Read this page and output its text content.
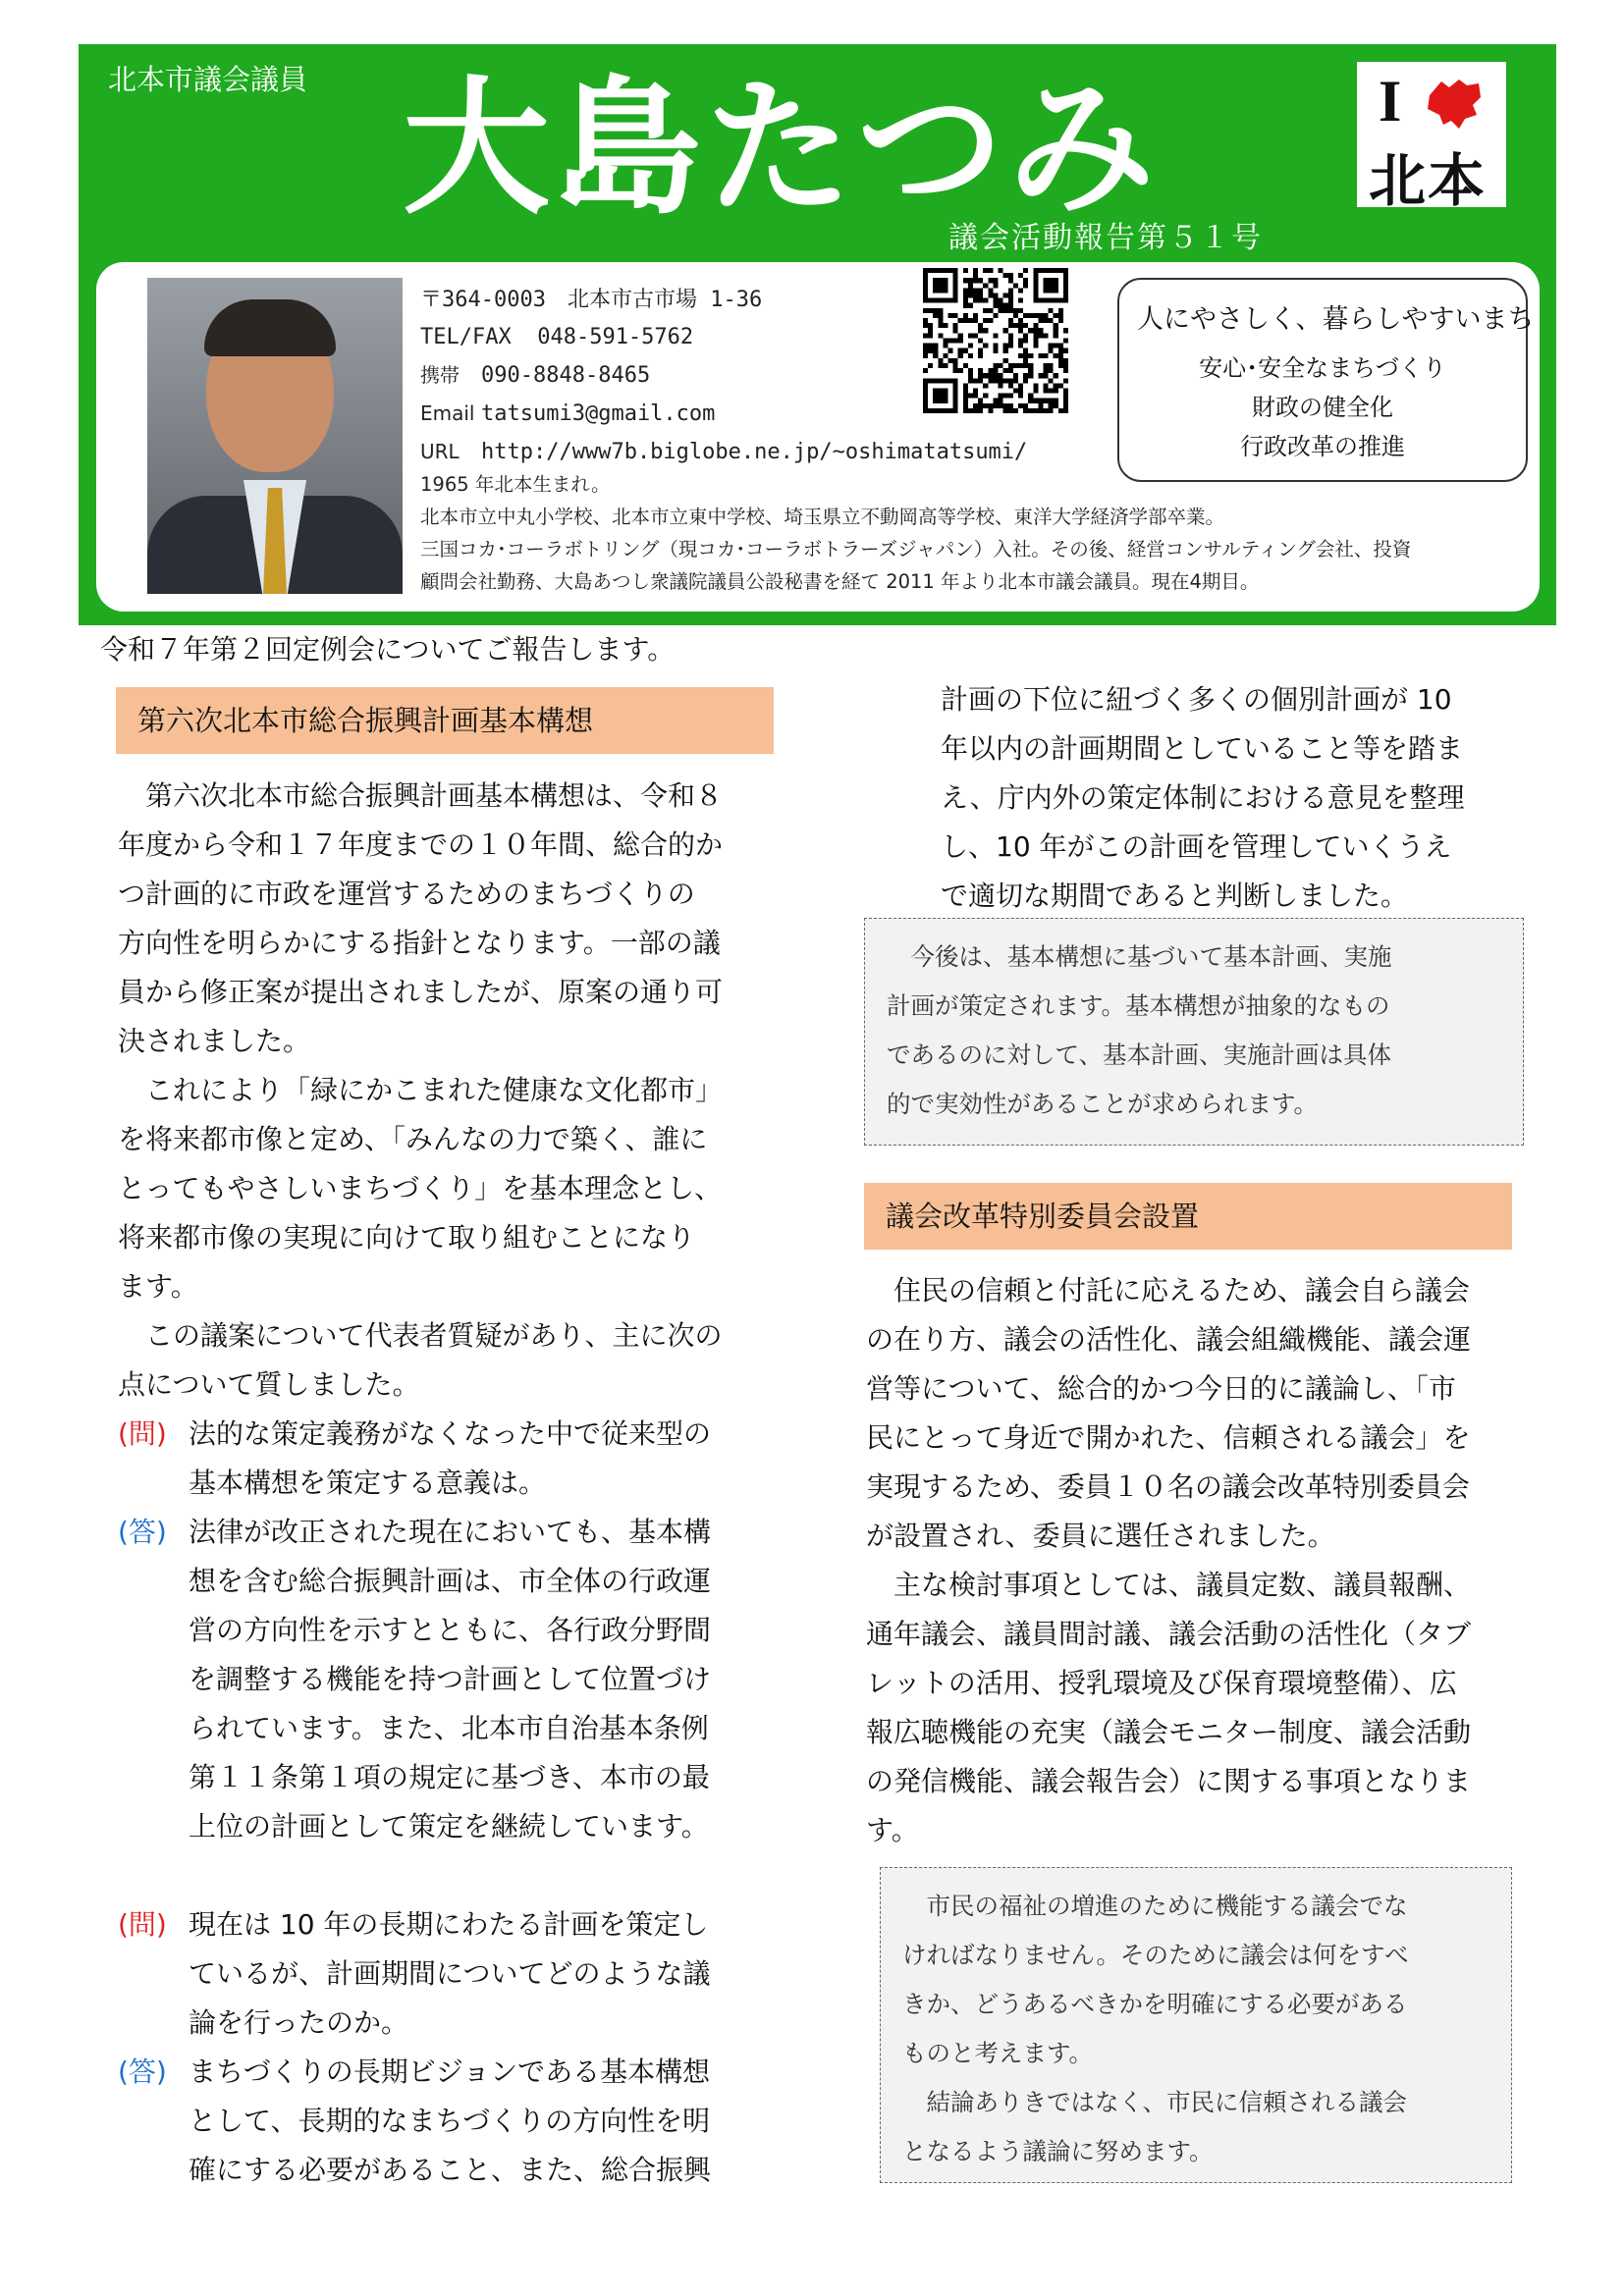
北本市議会議員 大島たつみ
議会活動報告第５１号
I
北本
〒364-0003　北本市古市場 1-36
TEL/FAX 048-591-5762
携帯 090-8848-8465
Email tatsumi3@gmail.com
URL http://www7b.biglobe.ne.jp/~oshimatatsumi/
人にやさしく、暮らしやすいまち
安心･安全なまちづくり
財政の健全化
行政改革の推進
1965 年北本生まれ。
北本市立中丸小学校、北本市立東中学校、埼玉県立不動岡高等学校、東洋大学経済学部卒業。
三国コカ･コーラボトリング（現コカ･コーラボトラーズジャパン）入社。その後、経営コンサルティング会社、投資
顧問会社勤務、大島あつし衆議院議員公設秘書を経て 2011 年より北本市議会議員。現在4期目。
令和７年第２回定例会についてご報告します。
第六次北本市総合振興計画基本構想

　第六次北本市総合振興計画基本構想は、令和８

年度から令和１７年度までの１０年間、総合的か

つ計画的に市政を運営するためのまちづくりの

方向性を明らかにする指針となります。一部の議

員から修正案が提出されましたが、原案の通り可

決されました。

　これにより「緑にかこまれた健康な文化都市」

を将来都市像と定め、「みんなの力で築く、誰に

とってもやさしいまちづくり」を基本理念とし、

将来都市像の実現に向けて取り組むことになり

ます。

　この議案について代表者質疑があり、主に次の

点について質しました。

(問) 法的な策定義務がなくなった中で従来型の

基本構想を策定する意義は。

(答) 法律が改正された現在においても、基本構

想を含む総合振興計画は、市全体の行政運

営の方向性を示すとともに、各行政分野間

を調整する機能を持つ計画として位置づけ

られています。また、北本市自治基本条例

第１１条第１項の規定に基づき、本市の最

上位の計画として策定を継続しています。

(問) 現在は 10 年の長期にわたる計画を策定し

ているが、計画期間についてどのような議

論を行ったのか。

(答) まちづくりの長期ビジョンである基本構想

として、長期的なまちづくりの方向性を明

確にする必要があること、また、総合振興

計画の下位に紐づく多くの個別計画が 10

年以内の計画期間としていること等を踏ま

え、庁内外の策定体制における意見を整理

し、10 年がこの計画を管理していくうえ

で適切な期間であると判断しました。

　今後は、基本構想に基づいて基本計画、実施

計画が策定されます。基本構想が抽象的なもの

であるのに対して、基本計画、実施計画は具体

的で実効性があることが求められます。

議会改革特別委員会設置

　住民の信頼と付託に応えるため、議会自ら議会

の在り方、議会の活性化、議会組織機能、議会運

営等について、総合的かつ今日的に議論し、「市

民にとって身近で開かれた、信頼される議会」を

実現するため、委員１０名の議会改革特別委員会

が設置され、委員に選任されました。

　主な検討事項としては、議員定数、議員報酬、

通年議会、議員間討議、議会活動の活性化（タブ

レットの活用、授乳環境及び保育環境整備）、広

報広聴機能の充実（議会モニター制度、議会活動

の発信機能、議会報告会）に関する事項となりま

す。

　市民の福祉の増進のために機能する議会でな

ければなりません。そのために議会は何をすべ

きか、どうあるべきかを明確にする必要がある

ものと考えます。

　結論ありきではなく、市民に信頼される議会

となるよう議論に努めます。
